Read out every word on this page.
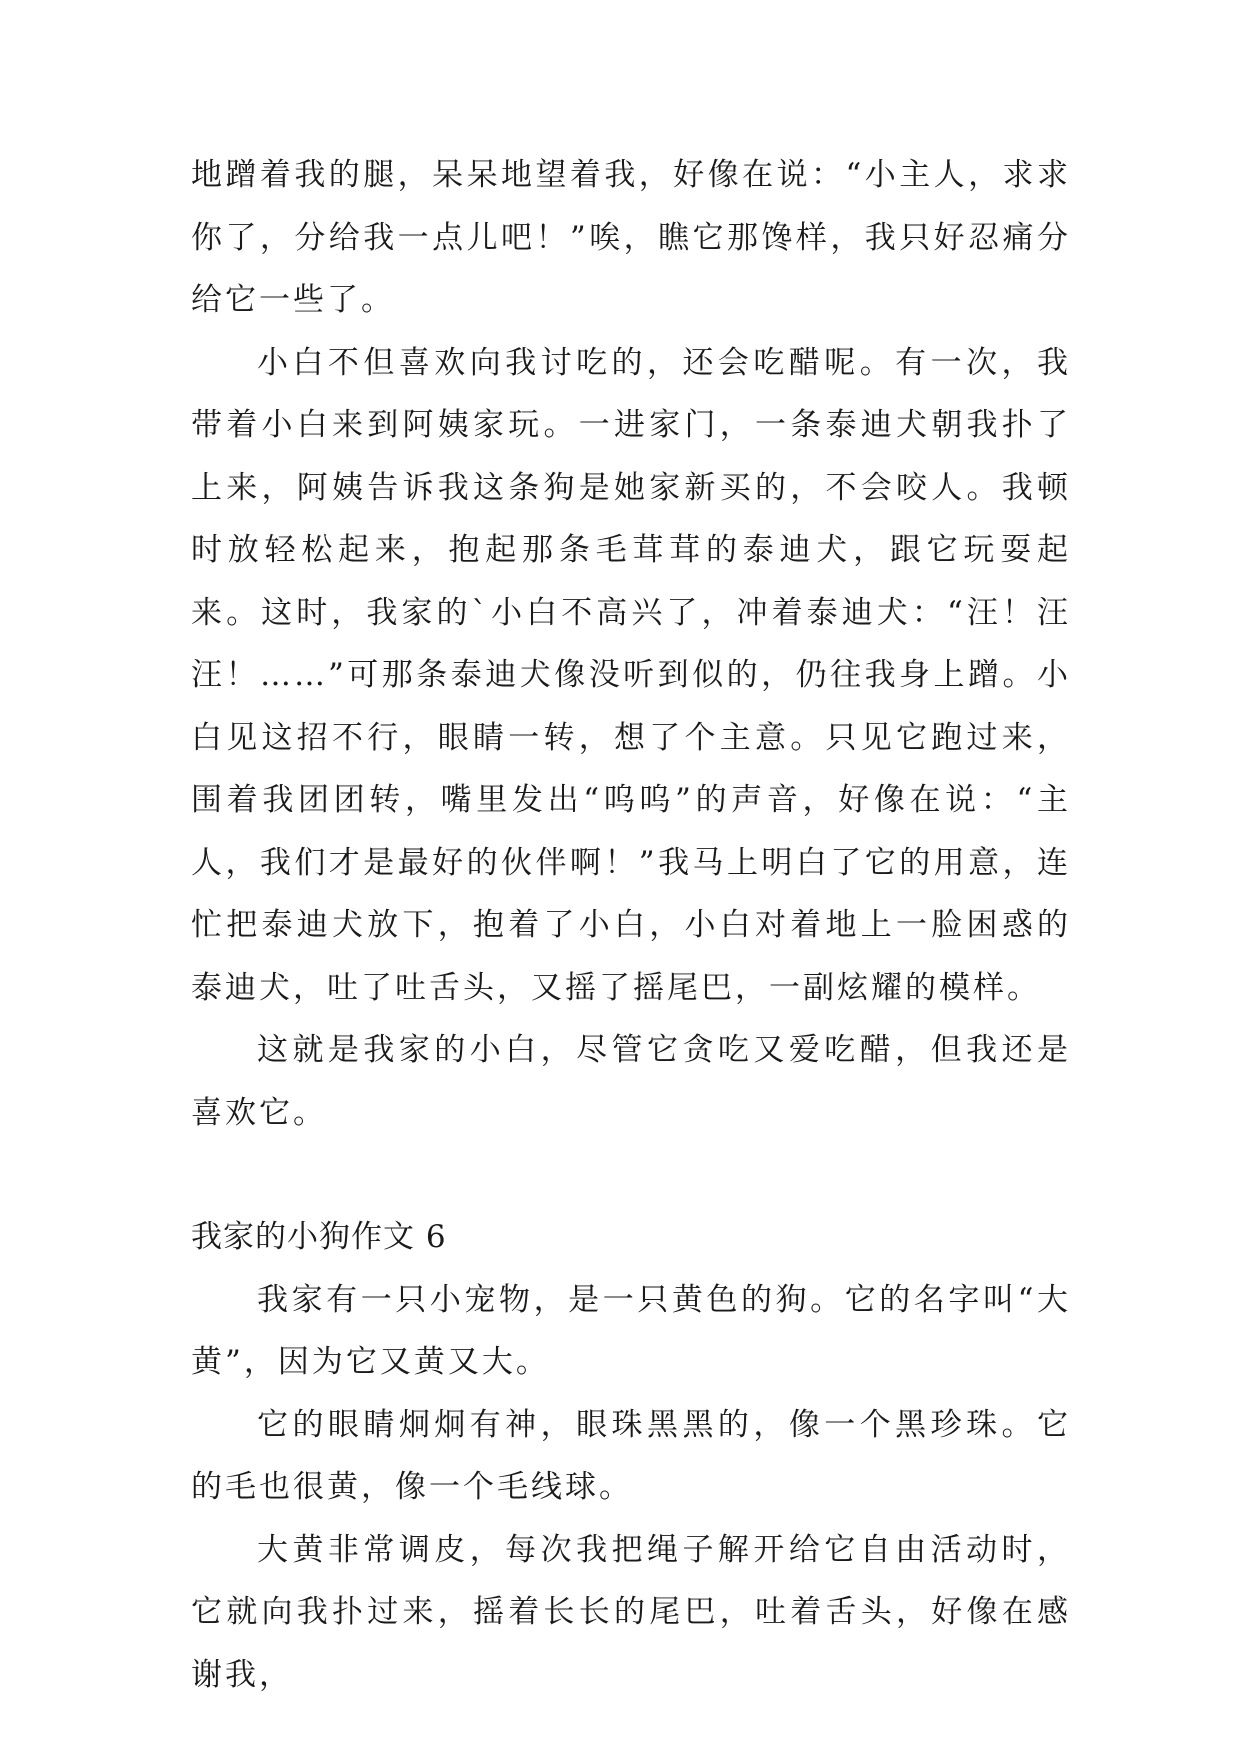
地蹭着我的腿，呆呆地望着我，好像在说：“小主人，求求你了，分给我一点儿吧！”唉，瞧它那馋样，我只好忍痛分给它一些了。

小白不但喜欢向我讨吃的，还会吃醋呢。有一次，我带着小白来到阿姨家玩。一进家门，一条泰迪犬朝我扑了上来，阿姨告诉我这条狗是她家新买的，不会咬人。我顿时放轻松起来，抱起那条毛茸茸的泰迪犬，跟它玩耍起来。这时，我家的`小白不高兴了，冲着泰迪犬：“汪！汪汪！……”可那条泰迪犬像没听到似的，仍往我身上蹭。小白见这招不行，眼睛一转，想了个主意。只见它跑过来，围着我团团转，嘴里发出“呜呜”的声音，好像在说：“主人，我们才是最好的伙伴啊！”我马上明白了它的用意，连忙把泰迪犬放下，抱着了小白，小白对着地上一脸困惑的泰迪犬，吐了吐舌头，又摇了摇尾巴，一副炫耀的模样。

这就是我家的小白，尽管它贪吃又爱吃醋，但我还是喜欢它。

我家的小狗作文 6

我家有一只小宠物，是一只黄色的狗。它的名字叫“大黄”，因为它又黄又大。

它的眼睛炯炯有神，眼珠黑黑的，像一个黑珍珠。它的毛也很黄，像一个毛线球。

大黄非常调皮，每次我把绳子解开给它自由活动时，它就向我扑过来，摇着长长的尾巴，吐着舌头，好像在感谢我，
